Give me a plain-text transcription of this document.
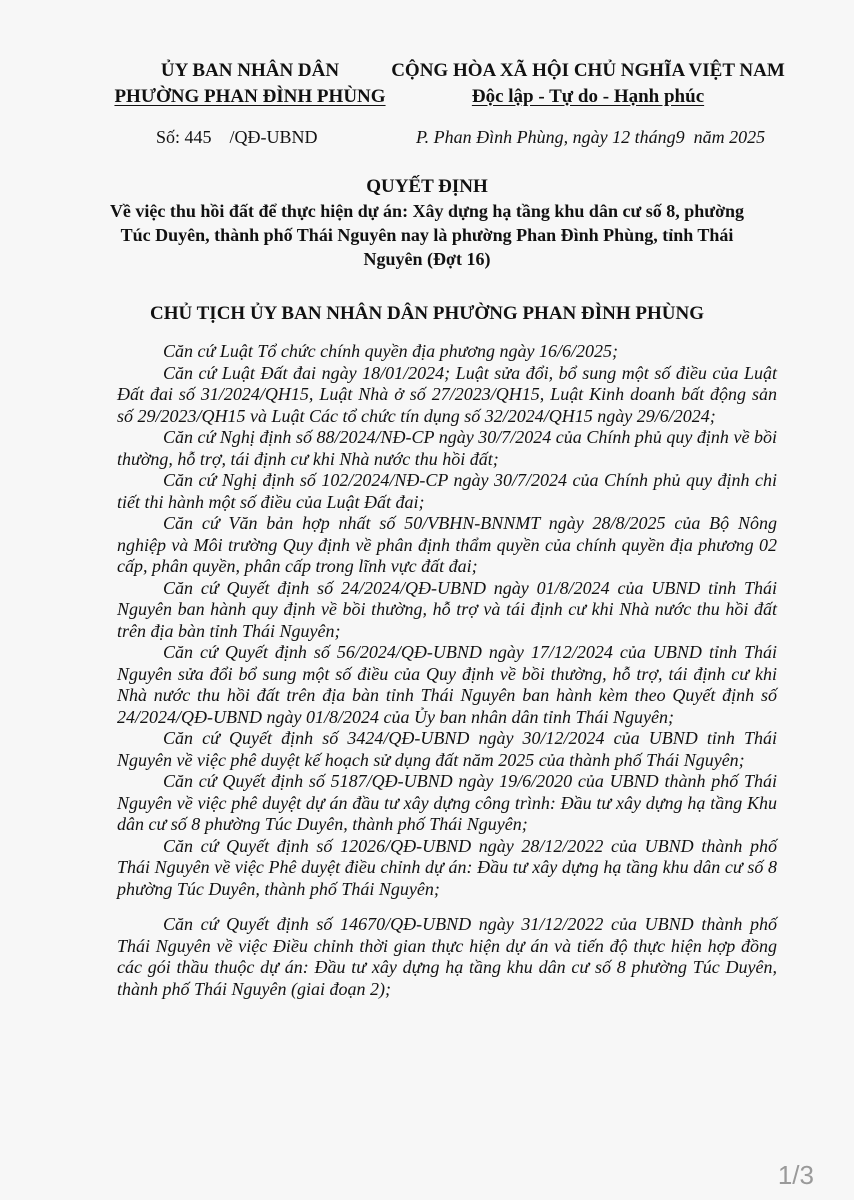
ỦY BAN NHÂN DÂN
PHƯỜNG PHAN ĐÌNH PHÙNG
CỘNG HÒA XÃ HỘI CHỦ NGHĨA VIỆT NAM
Độc lập - Tự do - Hạnh phúc
Số: 445    /QĐ-UBND	P. Phan Đình Phùng, ngày 12 tháng9  năm 2025
QUYẾT ĐỊNH
Về việc thu hồi đất để thực hiện dự án: Xây dựng hạ tầng khu dân cư số 8, phường Túc Duyên, thành phố Thái Nguyên nay là phường Phan Đình Phùng, tỉnh Thái Nguyên (Đợt 16)
CHỦ TỊCH ỦY BAN NHÂN DÂN PHƯỜNG PHAN ĐÌNH PHÙNG

Căn cứ Luật Tổ chức chính quyền địa phương ngày 16/6/2025;

Căn cứ Luật Đất đai ngày 18/01/2024; Luật sửa đổi, bổ sung một số điều của Luật Đất đai số 31/2024/QH15, Luật Nhà ở số 27/2023/QH15, Luật Kinh doanh bất động sản số 29/2023/QH15 và Luật Các tổ chức tín dụng số 32/2024/QH15 ngày 29/6/2024;

Căn cứ Nghị định số 88/2024/NĐ-CP ngày 30/7/2024 của Chính phủ quy định về bồi thường, hỗ trợ, tái định cư khi Nhà nước thu hồi đất;

Căn cứ Nghị định số 102/2024/NĐ-CP ngày 30/7/2024 của Chính phủ quy định chi tiết thi hành một số điều của Luật Đất đai;

Căn cứ Văn bản hợp nhất số 50/VBHN-BNNMT ngày 28/8/2025 của Bộ Nông nghiệp và Môi trường Quy định về phân định thẩm quyền của chính quyền địa phương 02 cấp, phân quyền, phân cấp trong lĩnh vực đất đai;

Căn cứ Quyết định số 24/2024/QĐ-UBND ngày 01/8/2024 của UBND tỉnh Thái Nguyên ban hành quy định về bồi thường, hỗ trợ và tái định cư khi Nhà nước thu hồi đất trên địa bàn tỉnh Thái Nguyên;

Căn cứ Quyết định số 56/2024/QĐ-UBND ngày 17/12/2024 của UBND tỉnh Thái Nguyên sửa đổi bổ sung một số điều của Quy định về bồi thường, hỗ trợ, tái định cư khi Nhà nước thu hồi đất trên địa bàn tỉnh Thái Nguyên ban hành kèm theo Quyết định số 24/2024/QĐ-UBND ngày 01/8/2024 của Ủy ban nhân dân tỉnh Thái Nguyên;

Căn cứ Quyết định số 3424/QĐ-UBND ngày 30/12/2024 của UBND tỉnh Thái Nguyên về việc phê duyệt kế hoạch sử dụng đất năm 2025 của thành phố Thái Nguyên;

Căn cứ Quyết định số 5187/QĐ-UBND ngày 19/6/2020 của UBND thành phố Thái Nguyên về việc phê duyệt dự án đầu tư xây dựng công trình: Đầu tư xây dựng hạ tầng Khu dân cư số 8 phường Túc Duyên, thành phố Thái Nguyên;

Căn cứ Quyết định số 12026/QĐ-UBND ngày 28/12/2022 của UBND thành phố Thái Nguyên về việc Phê duyệt điều chỉnh dự án: Đầu tư xây dựng hạ tầng khu dân cư số 8 phường Túc Duyên, thành phố Thái Nguyên;

Căn cứ Quyết định số 14670/QĐ-UBND ngày 31/12/2022 của UBND thành phố Thái Nguyên về việc Điều chỉnh thời gian thực hiện dự án và tiến độ thực hiện hợp đồng các gói thầu thuộc dự án: Đầu tư xây dựng hạ tầng khu dân cư số 8 phường Túc Duyên, thành phố Thái Nguyên (giai đoạn 2);

1/3
